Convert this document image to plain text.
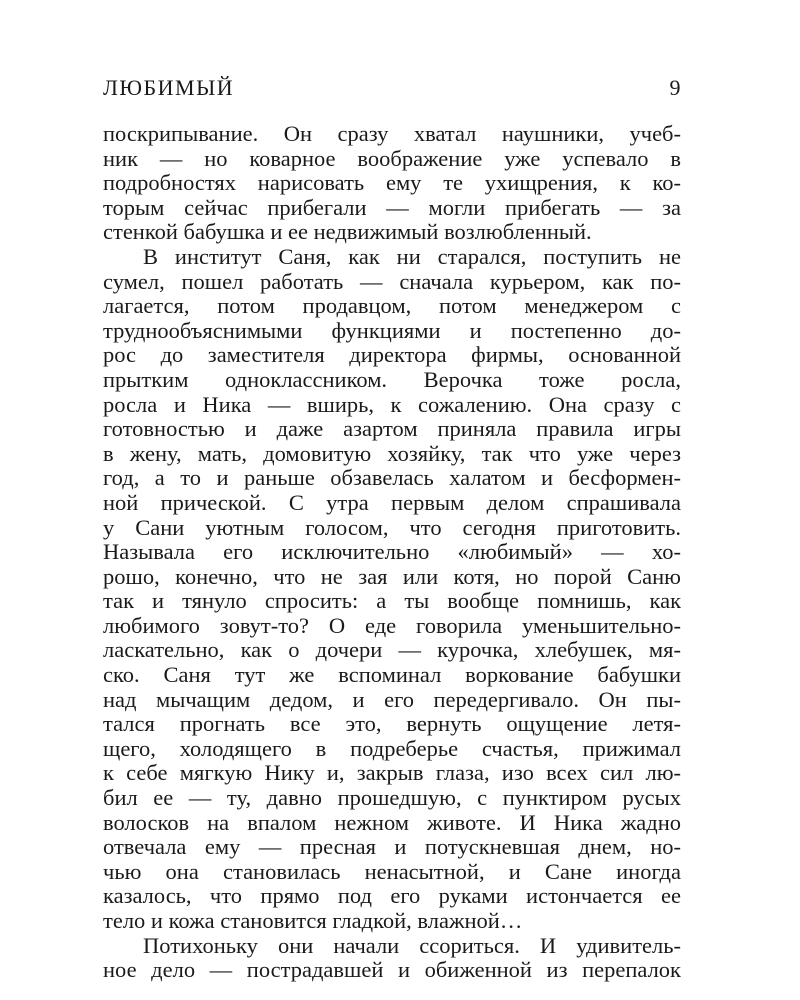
ЛЮБИМЫЙ	9
поскрипывание. Он сразу хватал наушники, учеб-
ник — но коварное воображение уже успевало в
подробностях нарисовать ему те ухищрения, к ко-
торым сейчас прибегали — могли прибегать — за
стенкой бабушка и ее недвижимый возлюбленный.
В институт Саня, как ни старался, поступить не
сумел, пошел работать — сначала курьером, как по-
лагается, потом продавцом, потом менеджером с
труднообъяснимыми функциями и постепенно до-
рос до заместителя директора фирмы, основанной
прытким одноклассником. Верочка тоже росла,
росла и Ника — вширь, к сожалению. Она сразу с
готовностью и даже азартом приняла правила игры
в жену, мать, домовитую хозяйку, так что уже через
год, а то и раньше обзавелась халатом и бесформен-
ной прической. С утра первым делом спрашивала
у Сани уютным голосом, что сегодня приготовить.
Называла его исключительно «любимый» — хо-
рошо, конечно, что не зая или котя, но порой Саню
так и тянуло спросить: а ты вообще помнишь, как
любимого зовут-то? О еде говорила уменьшительно-
ласкательно, как о дочери — курочка, хлебушек, мя-
ско. Саня тут же вспоминал воркование бабушки
над мычащим дедом, и его передергивало. Он пы-
тался прогнать все это, вернуть ощущение летя-
щего, холодящего в подреберье счастья, прижимал
к себе мягкую Нику и, закрыв глаза, изо всех сил лю-
бил ее — ту, давно прошедшую, с пунктиром русых
волосков на впалом нежном животе. И Ника жадно
отвечала ему — пресная и потускневшая днем, но-
чью она становилась ненасытной, и Сане иногда
казалось, что прямо под его руками истончается ее
тело и кожа становится гладкой, влажной…
Потихоньку они начали ссориться. И удивитель-
ное дело — пострадавшей и обиженной из перепалок
